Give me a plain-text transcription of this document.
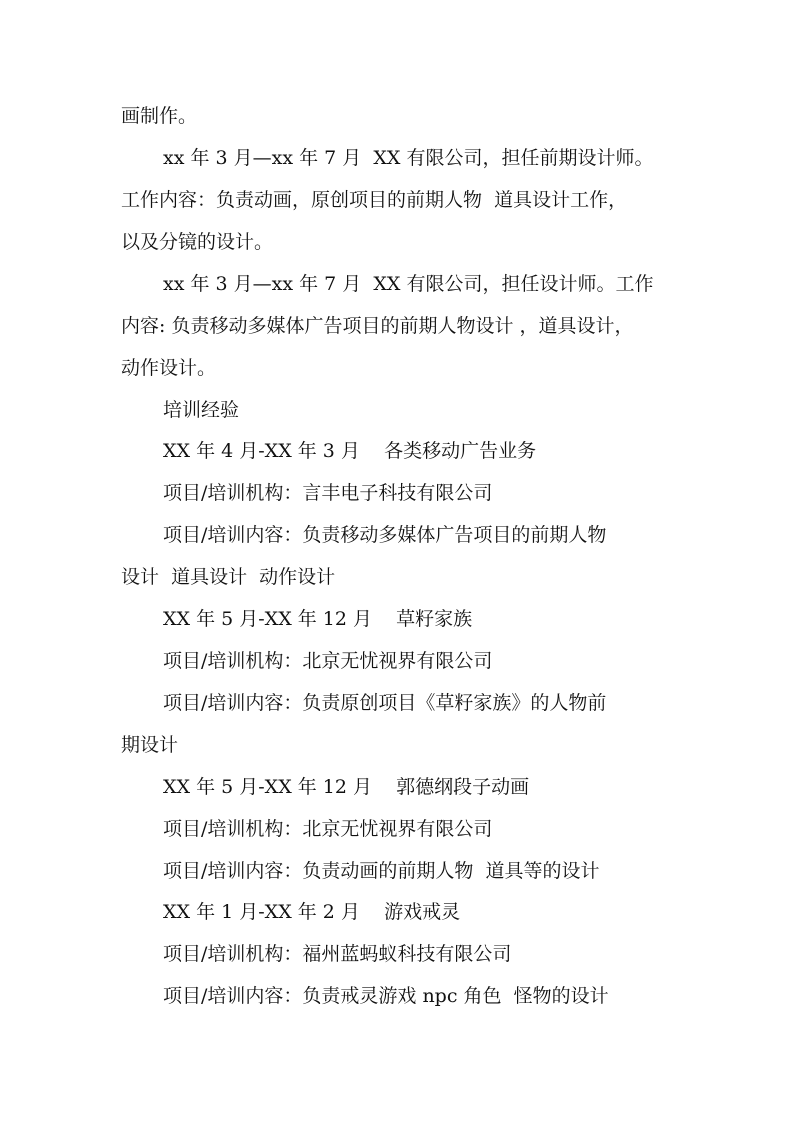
画制作。
xx 年 3 月—xx 年 7 月  XX 有限公司，担任前期设计师。
工作内容：负责动画，原创项目的前期人物  道具设计工作，
以及分镜的设计。
xx 年 3 月—xx 年 7 月  XX 有限公司，担任设计师。工作
内容: 负责移动多媒体广告项目的前期人物设计 ，道具设计，
动作设计。
培训经验
XX 年 4 月-XX 年 3 月    各类移动广告业务
项目/培训机构：言丰电子科技有限公司
项目/培训内容：负责移动多媒体广告项目的前期人物
设计  道具设计  动作设计
XX 年 5 月-XX 年 12 月    草籽家族
项目/培训机构：北京无忧视界有限公司
项目/培训内容：负责原创项目《草籽家族》的人物前
期设计
XX 年 5 月-XX 年 12 月    郭德纲段子动画
项目/培训机构：北京无忧视界有限公司
项目/培训内容：负责动画的前期人物  道具等的设计
XX 年 1 月-XX 年 2 月    游戏戒灵
项目/培训机构：福州蓝蚂蚁科技有限公司
项目/培训内容：负责戒灵游戏 npc 角色  怪物的设计
